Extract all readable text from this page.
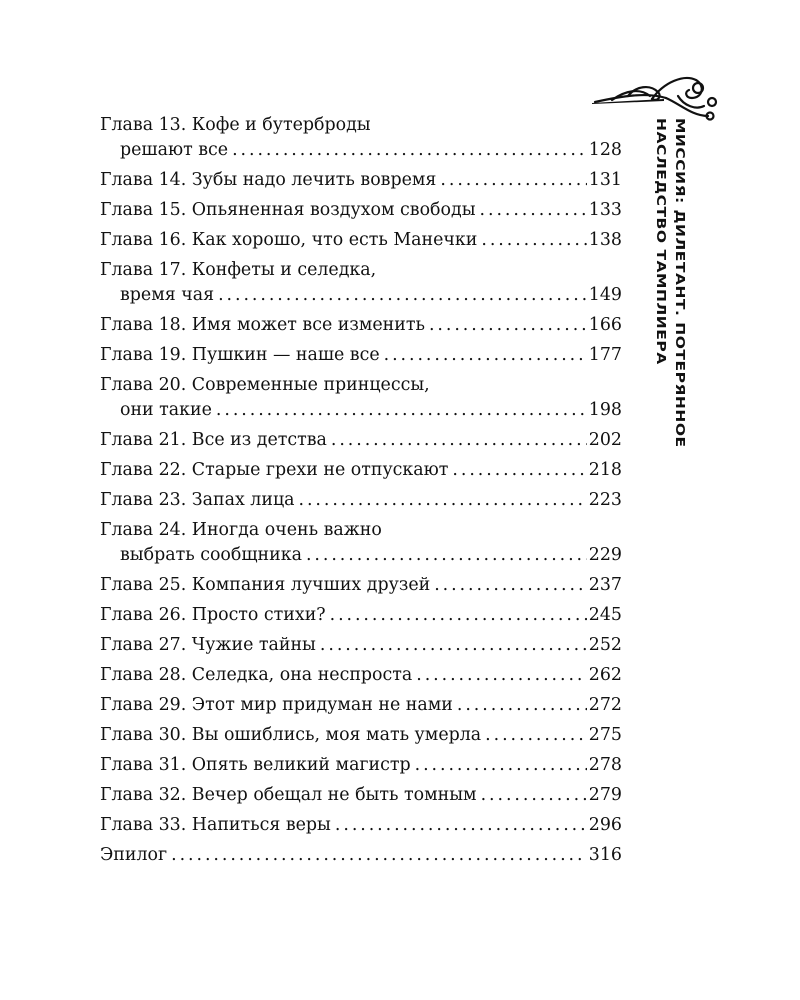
МИССИЯ: ДИЛЕТАНТ. ПОТЕРЯННОЕ НАСЛЕДСТВО ТАМПЛИЕРА
Глава 13. Кофе и бутерброды
решают все . . .	128
Глава 14. Зубы надо лечить вовремя . . .	131
Глава 15. Опьяненная воздухом свободы . . .	133
Глава 16. Как хорошо, что есть Манечки . . .	138
Глава 17. Конфеты и селедка,
время чая . . .	149
Глава 18. Имя может все изменить . . .	166
Глава 19. Пушкин — наше все . . .	177
Глава 20. Современные принцессы,
они такие . . .	198
Глава 21. Все из детства . . .	202
Глава 22. Старые грехи не отпускают . . .	218
Глава 23. Запах лица . . .	223
Глава 24. Иногда очень важно
выбрать сообщника . . .	229
Глава 25. Компания лучших друзей . . .	237
Глава 26. Просто стихи? . . .	245
Глава 27. Чужие тайны . . .	252
Глава 28. Селедка, она неспроста . . .	262
Глава 29. Этот мир придуман не нами . . .	272
Глава 30. Вы ошиблись, моя мать умерла . . .	275
Глава 31. Опять великий магистр . . .	278
Глава 32. Вечер обещал не быть томным . . .	279
Глава 33. Напиться веры . . .	296
Эпилог . . .	316
